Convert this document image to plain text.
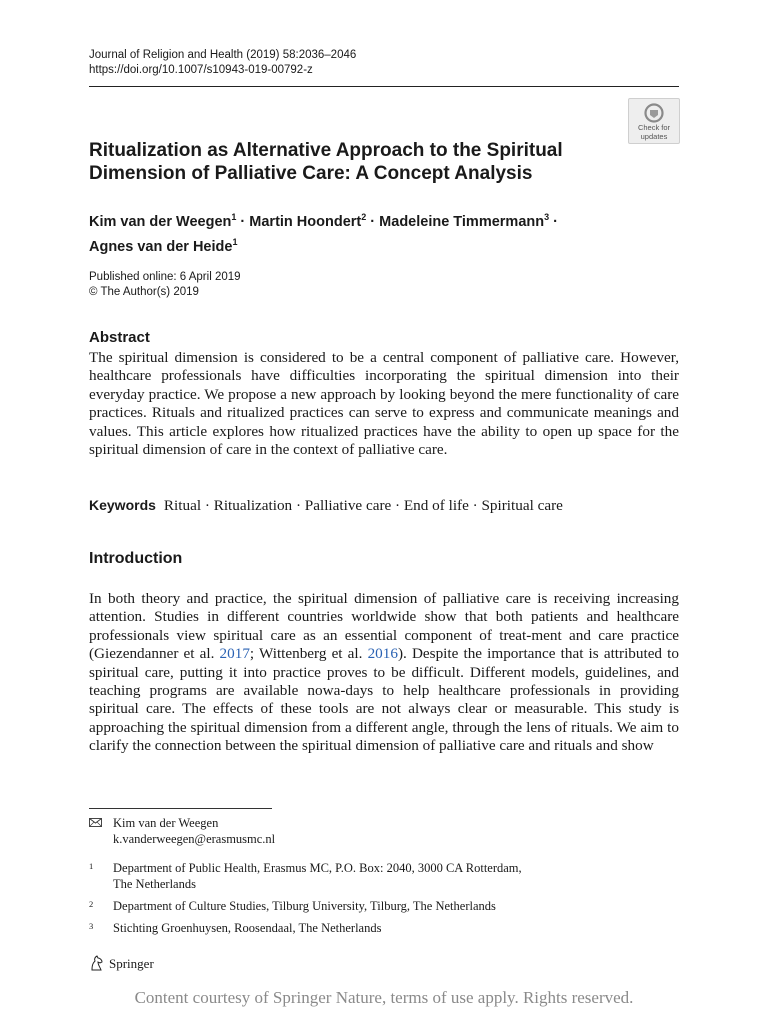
Journal of Religion and Health (2019) 58:2036–2046
https://doi.org/10.1007/s10943-019-00792-z
Check for
updates
Ritualization as Alternative Approach to the Spiritual
Dimension of Palliative Care: A Concept Analysis
Kim van der Weegen$^1$ · Martin Hoondert$^2$ · Madeleine Timmermann$^3$ ·
Agnes van der Heide$^1$
Published online: 6 April 2019
© The Author(s) 2019
Abstract

The spiritual dimension is considered to be a central component of palliative care. However, healthcare professionals have difficulties incorporating the spiritual dimension into their everyday practice. We propose a new approach by looking beyond the mere functionality of care practices. Rituals and ritualized practices can serve to express and communicate meanings and values. This article explores how ritualized practices have the ability to open up space for the spiritual dimension of care in the context of palliative care.

Keywords Ritual · Ritualization · Palliative care · End of life · Spiritual care
Introduction

In both theory and practice, the spiritual dimension of palliative care is receiving increasing attention. Studies in different countries worldwide show that both patients and healthcare professionals view spiritual care as an essential component of treat-ment and care practice (Giezendanner et al. 2017; Wittenberg et al. 2016). Despite the importance that is attributed to spiritual care, putting it into practice proves to be difficult. Different models, guidelines, and teaching programs are available nowa-days to help healthcare professionals in providing spiritual care. The effects of these tools are not always clear or measurable. This study is approaching the spiritual dimension from a different angle, through the lens of rituals. We aim to clarify the connection between the spiritual dimension of palliative care and rituals and show

Kim van der Weegen
k.vanderweegen@erasmusmc.nl
1 Department of Public Health, Erasmus MC, P.O. Box: 2040, 3000 CA Rotterdam,
The Netherlands
2 Department of Culture Studies, Tilburg University, Tilburg, The Netherlands
3 Stichting Groenhuysen, Roosendaal, The Netherlands
Springer
Content courtesy of Springer Nature, terms of use apply. Rights reserved.
